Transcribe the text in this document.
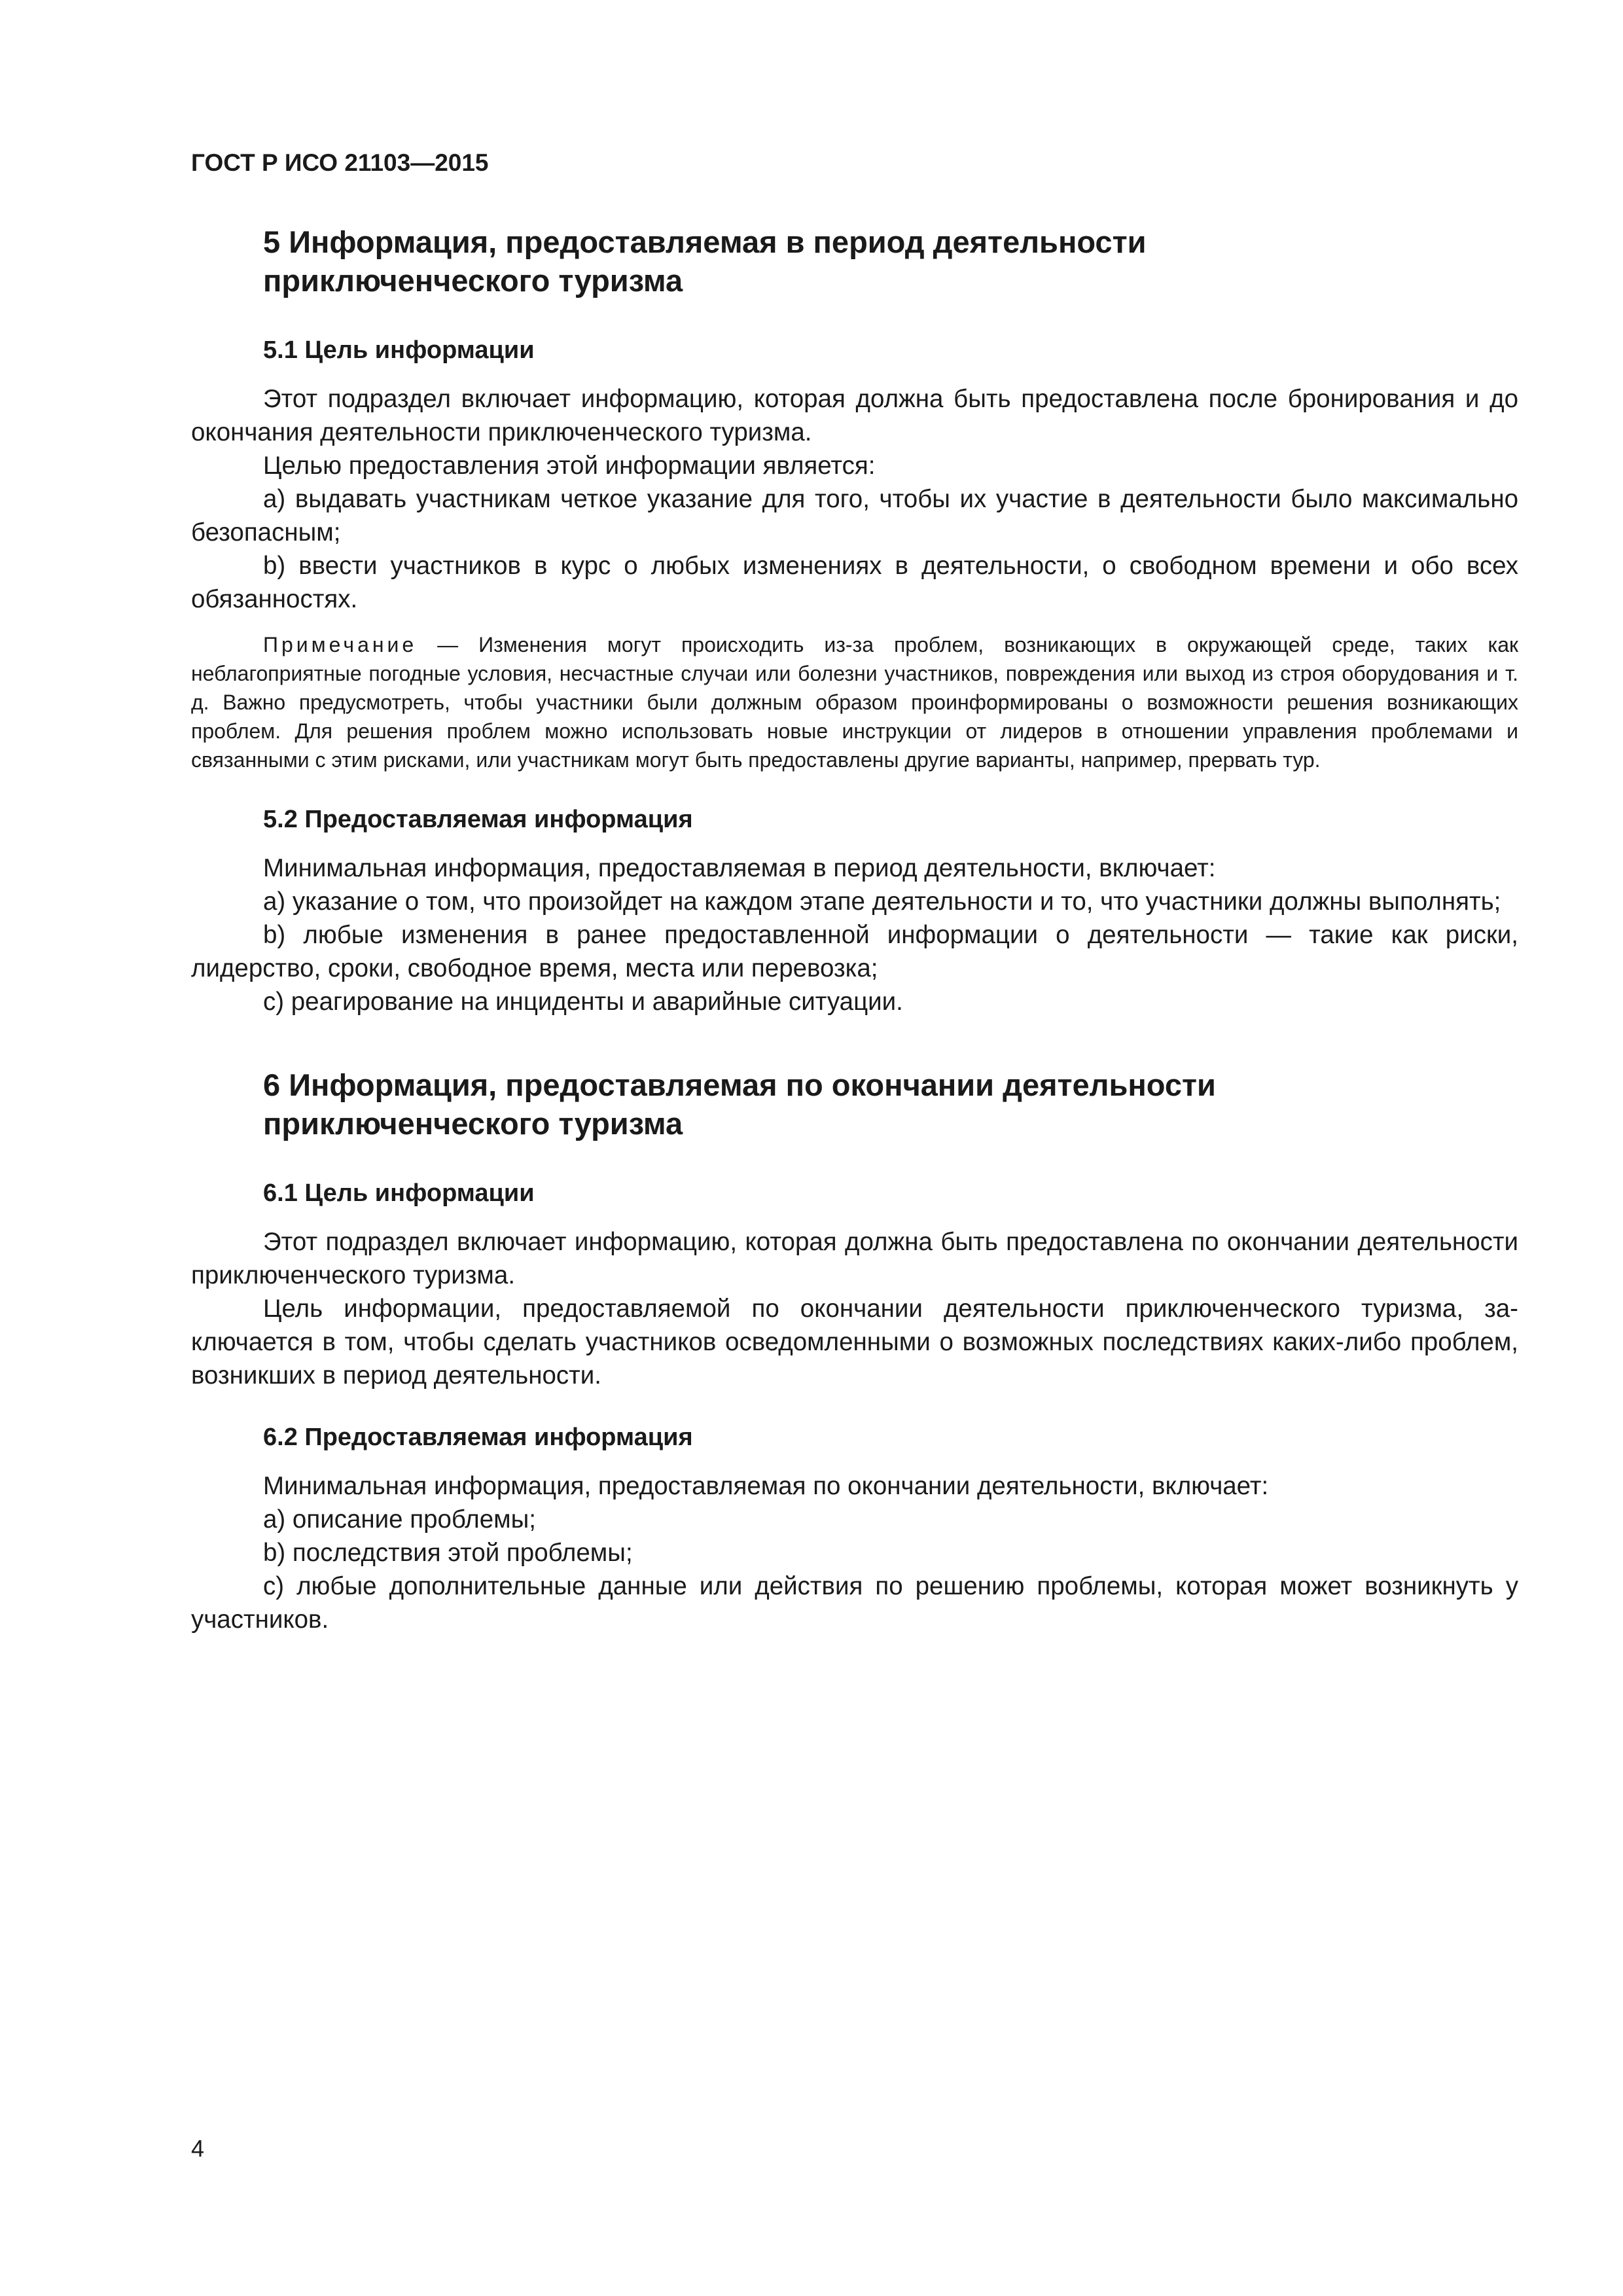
ГОСТ Р ИСО 21103—2015

5 Информация, предоставляемая в период деятельности
приключенческого туризма
5.1 Цель информации

Этот подраздел включает информацию, которая должна быть предоставлена после бронирования и до окончания деятельности приключенческого туризма.

Целью предоставления этой информации является:

а) выдавать участникам четкое указание для того, чтобы их участие в деятельности было максимально безопасным;

b) ввести участников в курс о любых изменениях в деятельности, о свободном времени и обо всех обязанностях.

Примечание — Изменения могут происходить из-за проблем, возникающих в окружающей среде, таких как неблагоприятные погодные условия, несчастные случаи или болезни участников, повреждения или выход из строя оборудования и т. д. Важно предусмотреть, чтобы участники были должным образом проинформированы о возможности решения возникающих проблем. Для решения проблем можно использовать новые инструкции от лидеров в отношении управления проблемами и связанными с этим рисками, или участникам могут быть предоставлены другие варианты, например, прервать тур.

5.2 Предоставляемая информация

Минимальная информация, предоставляемая в период деятельности, включает:

а) указание о том, что произойдет на каждом этапе деятельности и то, что участники должны выполнять;

b) любые изменения в ранее предоставленной информации о деятельности — такие как риски, лидерство, сроки, свободное время, места или перевозка;

c) реагирование на инциденты и аварийные ситуации.

6 Информация, предоставляемая по окончании деятельности
приключенческого туризма
6.1 Цель информации

Этот подраздел включает информацию, которая должна быть предоставлена по окончании деятельности приключенческого туризма.

Цель информации, предоставляемой по окончании деятельности приключенческого туризма, заключается в том, чтобы сделать участников осведомленными о возможных последствиях каких-либо проблем, возникших в период деятельности.

6.2 Предоставляемая информация

Минимальная информация, предоставляемая по окончании деятельности, включает:

а) описание проблемы;

b) последствия этой проблемы;

c) любые дополнительные данные или действия по решению проблемы, которая может возникнуть у участников.

4
